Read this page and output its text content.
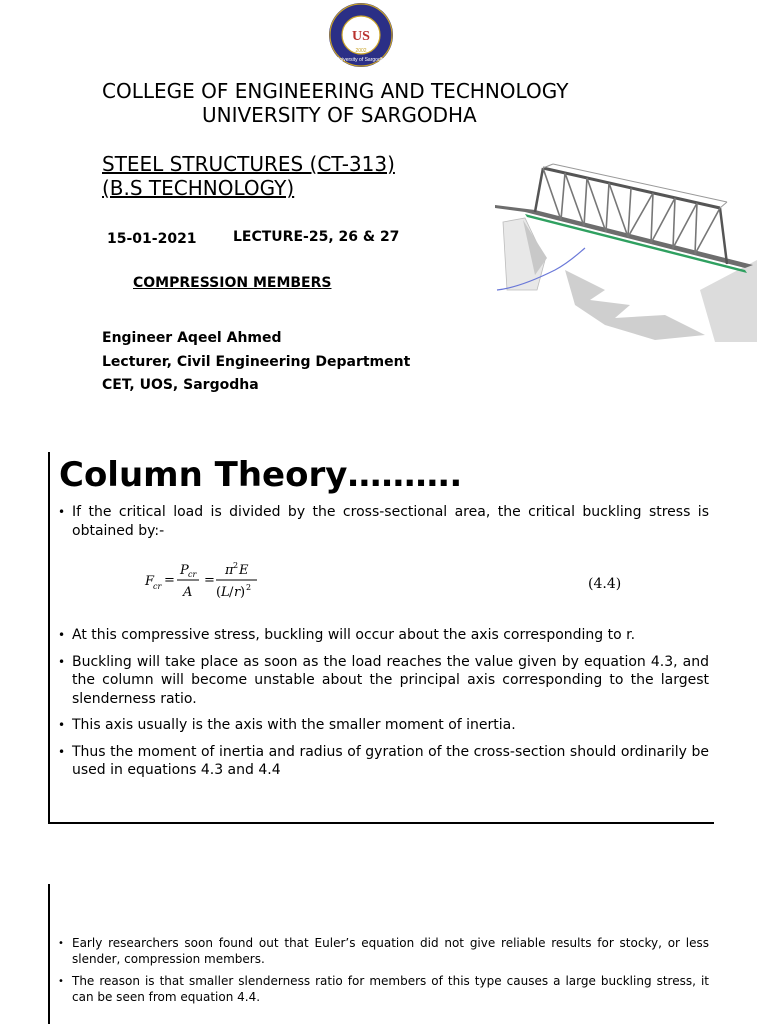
US
2002
University of Sargodha
COLLEGE OF ENGINEERING AND TECHNOLOGY
UNIVERSITY OF SARGODHA
STEEL STRUCTURES (CT-313)
(B.S TECHNOLOGY)
15-01-2021	LECTURE-25, 26 & 27
COMPRESSION MEMBERS
Engineer Aqeel Ahmed
Lecturer, Civil Engineering Department
CET, UOS, Sargodha
Column Theory……….
• If the critical load is divided by the cross-sectional area, the critical buckling stress is obtained by:-
F
cr =
P cr
A
=
π 2 E
( L / r ) 2	(4.4)
• At this compressive stress, buckling will occur about the axis corresponding to r.
• Buckling will take place as soon as the load reaches the value given by equation 4.3, and the column will become unstable about the principal axis corresponding to the largest slenderness ratio.
• This axis usually is the axis with the smaller moment of inertia.
• Thus the moment of inertia and radius of gyration of the cross-section should ordinarily be used in equations 4.3 and 4.4
• Early researchers soon found out that Euler’s equation did not give reliable results for stocky, or less slender, compression members.
• The reason is that smaller slenderness ratio for members of this type causes a large buckling stress, it can be seen from equation 4.4.
